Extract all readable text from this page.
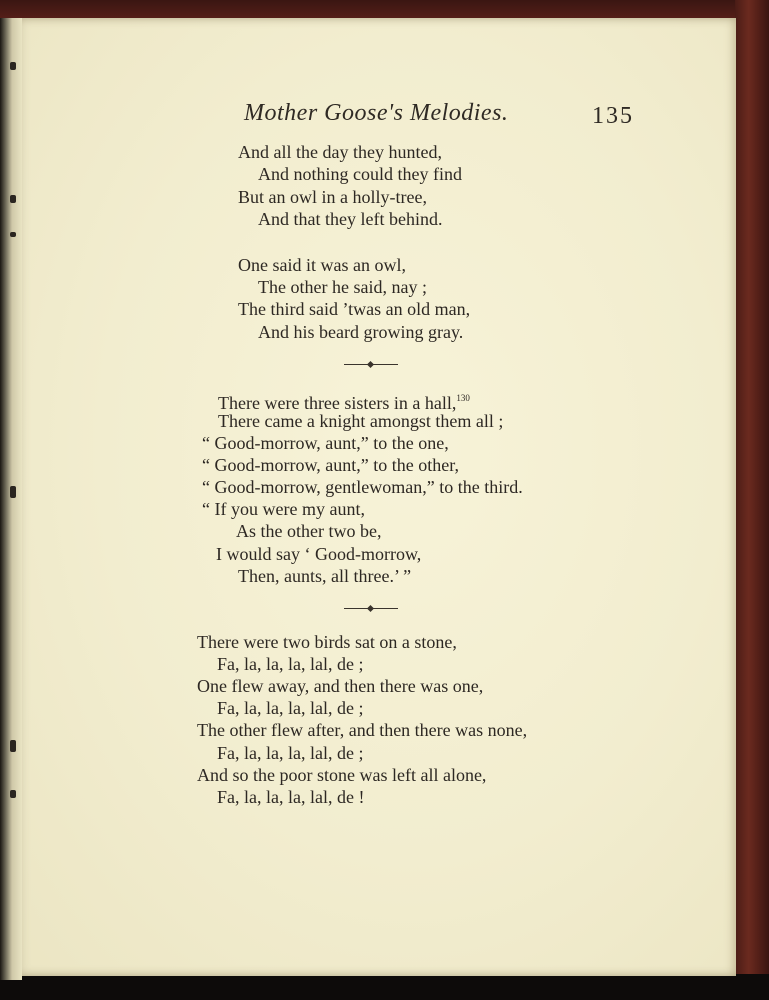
Mother Goose's Melodies.	135
And all the day they hunted,
And nothing could they find
But an owl in a holly-tree,
And that they left behind.
One said it was an owl,
The other he said, nay ;
The third said ’twas an old man,
And his beard growing gray.
There were three sisters in a hall,$^{130}$
There came a knight amongst them all ;
“ Good-morrow, aunt,” to the one,
“ Good-morrow, aunt,” to the other,
“ Good-morrow, gentlewoman,” to the third.
“ If you were my aunt,
As the other two be,
I would say ‘ Good-morrow,
Then, aunts, all three.’ ”
There were two birds sat on a stone,
Fa, la, la, la, lal, de ;
One flew away, and then there was one,
Fa, la, la, la, lal, de ;
The other flew after, and then there was none,
Fa, la, la, la, lal, de ;
And so the poor stone was left all alone,
Fa, la, la, la, lal, de !
